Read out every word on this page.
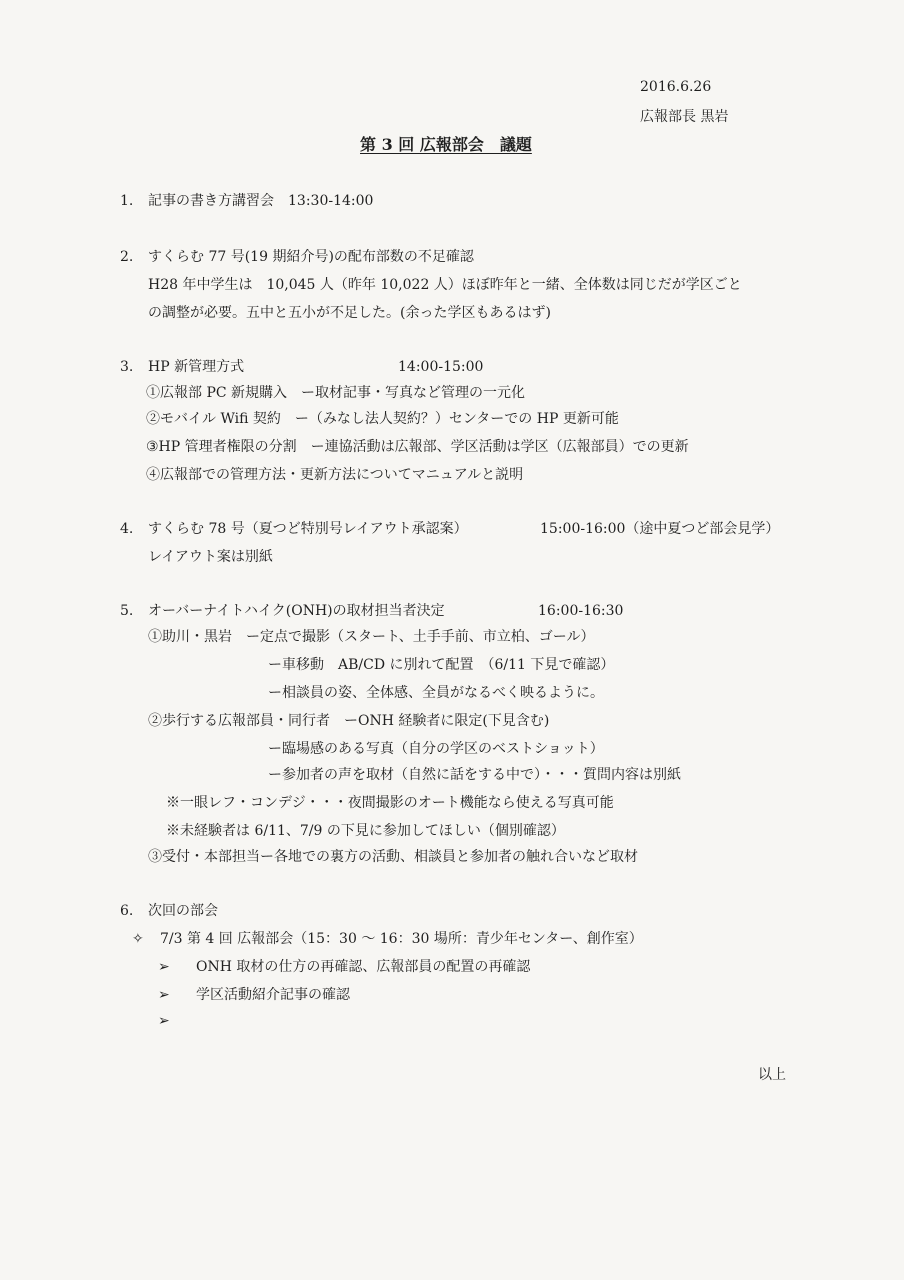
2016.6.26
広報部長 黒岩
第 3 回 広報部会　議題
1. 記事の書き方講習会　13:30-14:00
2. すくらむ 77 号(19 期紹介号)の配布部数の不足確認
H28 年中学生は　10,045 人（昨年 10,022 人）ほぼ昨年と一緒、全体数は同じだが学区ごと
の調整が必要。五中と五小が不足した。(余った学区もあるはず)
3. HP 新管理方式	14:00-15:00
①広報部 PC 新規購入　ー取材記事・写真など管理の一元化
②モバイル Wifi 契約　ー（みなし法人契約？）センターでの HP 更新可能
③HP 管理者権限の分割　ー連協活動は広報部、学区活動は学区（広報部員）での更新
④広報部での管理方法・更新方法についてマニュアルと説明
4. すくらむ 78 号（夏つど特別号レイアウト承認案）	15:00-16:00（途中夏つど部会見学）
レイアウト案は別紙
5. オーバーナイトハイク(ONH)の取材担当者決定	16:00-16:30
①助川・黒岩　ー定点で撮影（スタート、土手手前、市立柏、ゴール）
ー車移動　AB/CD に別れて配置　（6/11 下見で確認）
ー相談員の姿、全体感、全員がなるべく映るように。
②歩行する広報部員・同行者　ーONH 経験者に限定(下見含む)
ー臨場感のある写真（自分の学区のベストショット）
ー参加者の声を取材（自然に話をする中で）・・・質問内容は別紙
※一眼レフ・コンデジ・・・夜間撮影のオート機能なら使える写真可能
※未経験者は 6/11、7/9 の下見に参加してほしい（個別確認）
③受付・本部担当ー各地での裏方の活動、相談員と参加者の触れ合いなど取材
6. 次回の部会
✧ 7/3 第 4 回 広報部会（15：30 ～ 16：30 場所：青少年センター、創作室）
➢ ONH 取材の仕方の再確認、広報部員の配置の再確認
➢ 学区活動紹介記事の確認
➢
以上
